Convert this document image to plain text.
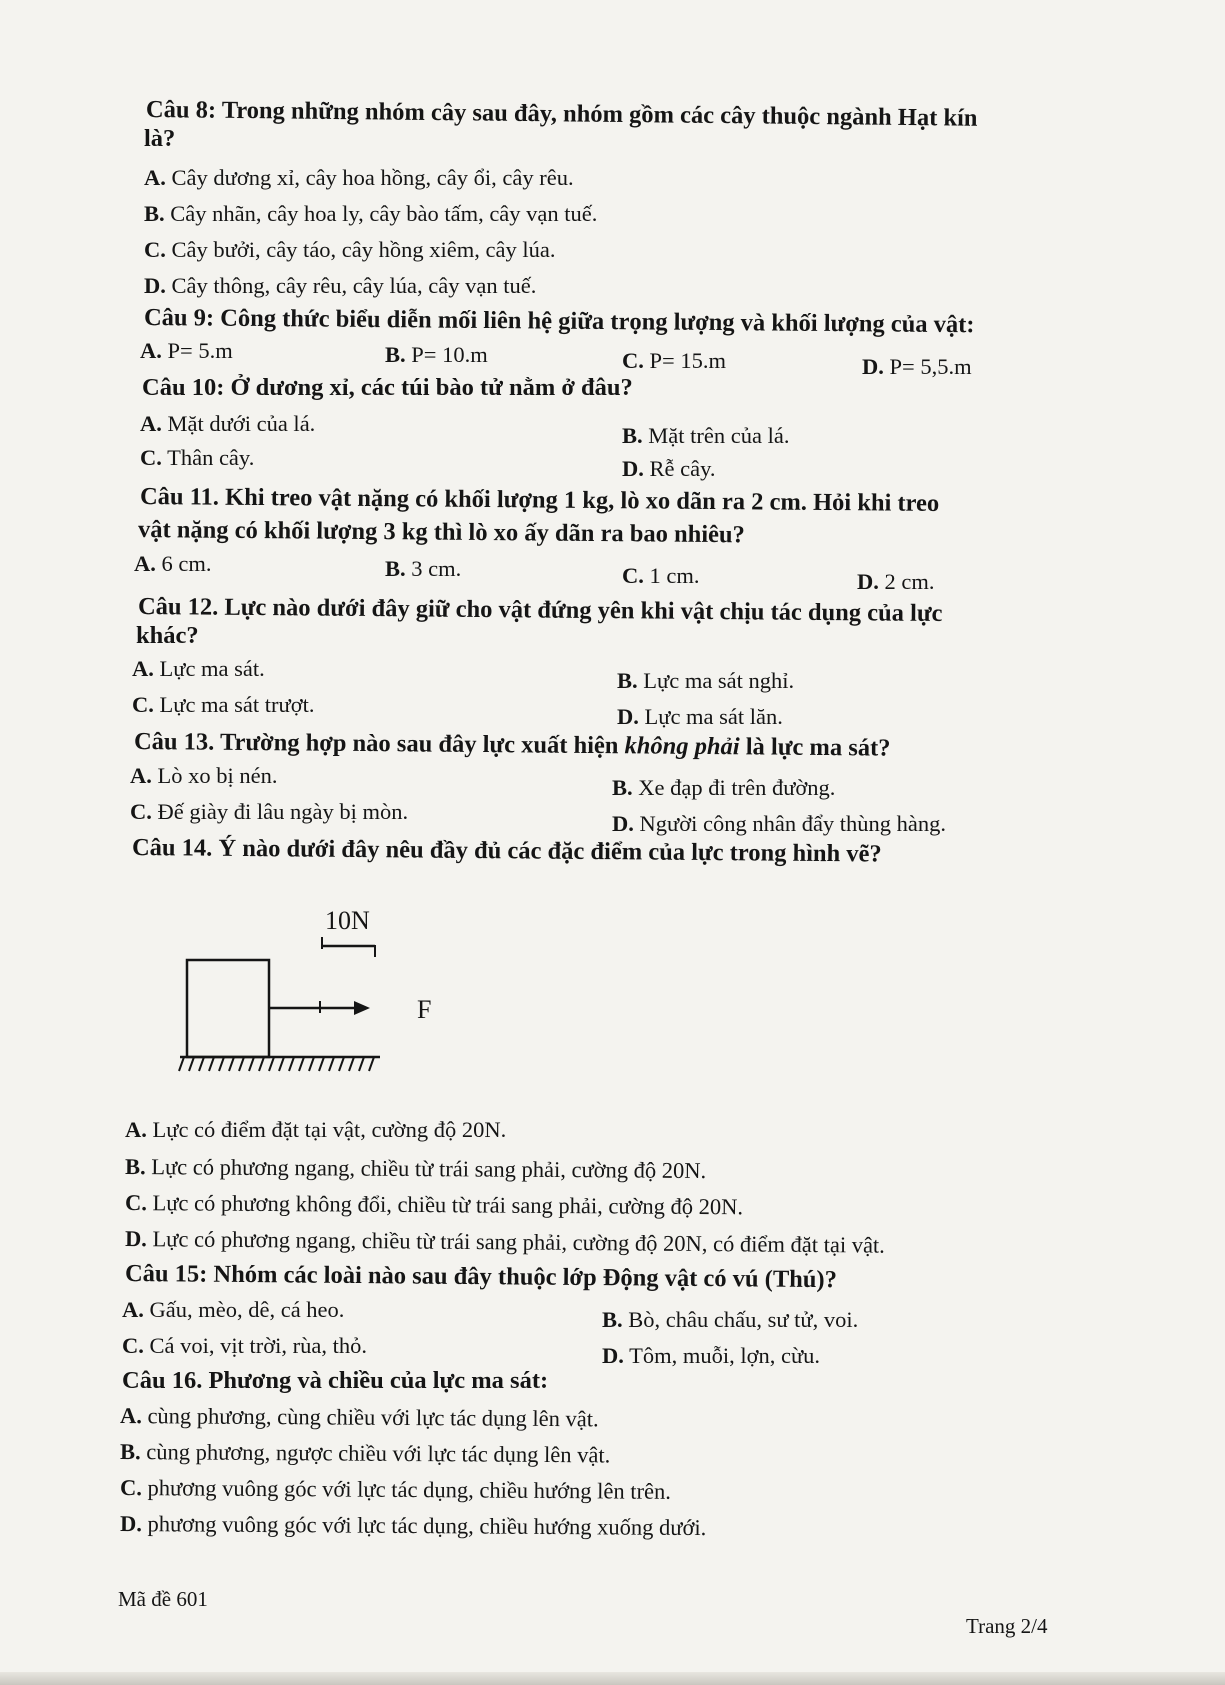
Câu 8: Trong những nhóm cây sau đây, nhóm gồm các cây thuộc ngành Hạt kín
là?
A. Cây dương xỉ, cây hoa hồng, cây ổi, cây rêu.
B. Cây nhãn, cây hoa ly, cây bào tấm, cây vạn tuế.
C. Cây bưởi, cây táo, cây hồng xiêm, cây lúa.
D. Cây thông, cây rêu, cây lúa, cây vạn tuế.
Câu 9: Công thức biểu diễn mối liên hệ giữa trọng lượng và khối lượng của vật:
A. P= 5.m	B. P= 10.m	C. P= 15.m	D. P= 5,5.m
Câu 10: Ở dương xỉ, các túi bào tử nằm ở đâu?
A. Mặt dưới của lá.	B. Mặt trên của lá.
C. Thân cây.	D. Rễ cây.
Câu 11. Khi treo vật nặng có khối lượng 1 kg, lò xo dãn ra 2 cm. Hỏi khi treo
vật nặng có khối lượng 3 kg thì lò xo ấy dãn ra bao nhiêu?
A. 6 cm.	B. 3 cm.	C. 1 cm.	D. 2 cm.
Câu 12. Lực nào dưới đây giữ cho vật đứng yên khi vật chịu tác dụng của lực
khác?
A. Lực ma sát.	B. Lực ma sát nghỉ.
C. Lực ma sát trượt.	D. Lực ma sát lăn.
Câu 13. Trường hợp nào sau đây lực xuất hiện không phải là lực ma sát?
A. Lò xo bị nén.	B. Xe đạp đi trên đường.
C. Đế giày đi lâu ngày bị mòn.	D. Người công nhân đẩy thùng hàng.
Câu 14. Ý nào dưới đây nêu đầy đủ các đặc điểm của lực trong hình vẽ?
10N
F
A. Lực có điểm đặt tại vật, cường độ 20N.
B. Lực có phương ngang, chiều từ trái sang phải, cường độ 20N.
C. Lực có phương không đổi, chiều từ trái sang phải, cường độ 20N.
D. Lực có phương ngang, chiều từ trái sang phải, cường độ 20N, có điểm đặt tại vật.
Câu 15: Nhóm các loài nào sau đây thuộc lớp Động vật có vú (Thú)?
A. Gấu, mèo, dê, cá heo.	B. Bò, châu chấu, sư tử, voi.
C. Cá voi, vịt trời, rùa, thỏ.	D. Tôm, muỗi, lợn, cừu.
Câu 16. Phương và chiều của lực ma sát:
A. cùng phương, cùng chiều với lực tác dụng lên vật.
B. cùng phương, ngược chiều với lực tác dụng lên vật.
C. phương vuông góc với lực tác dụng, chiều hướng lên trên.
D. phương vuông góc với lực tác dụng, chiều hướng xuống dưới.
Mã đề 601
Trang 2/4
